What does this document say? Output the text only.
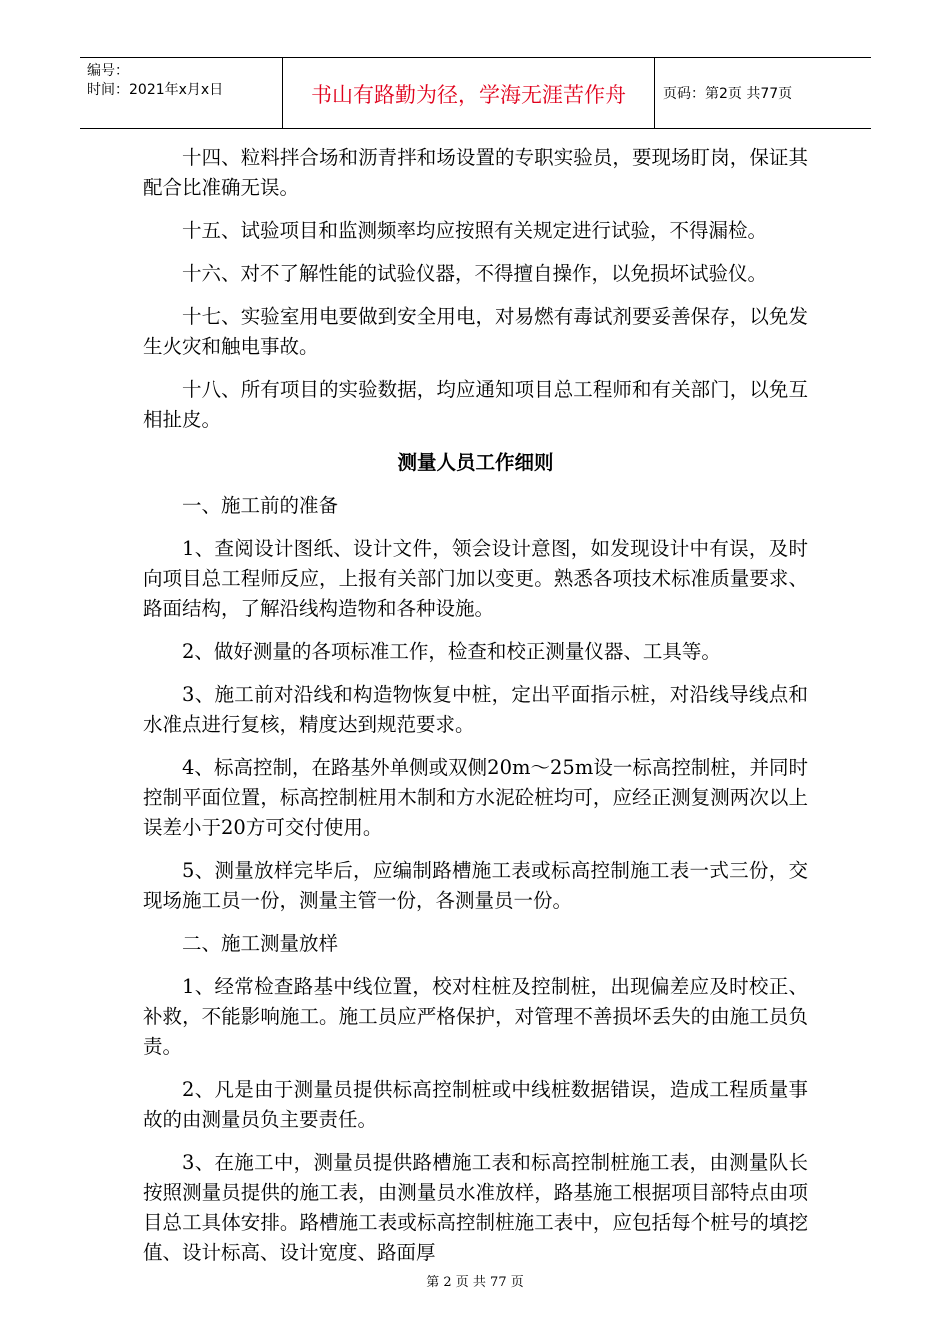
编号：
时间：2021年x月x日	书山有路勤为径，学海无涯苦作舟	页码：第2页 共77页

十四、粒料拌合场和沥青拌和场设置的专职实验员，要现场盯岗，保证其配合比准确无误。

十五、试验项目和监测频率均应按照有关规定进行试验，不得漏检。

十六、对不了解性能的试验仪器，不得擅自操作，以免损坏试验仪。

十七、实验室用电要做到安全用电，对易燃有毒试剂要妥善保存，以免发生火灾和触电事故。

十八、所有项目的实验数据，均应通知项目总工程师和有关部门，以免互相扯皮。

测量人员工作细则

一、施工前的准备

1、查阅设计图纸、设计文件，领会设计意图，如发现设计中有误，及时向项目总工程师反应，上报有关部门加以变更。熟悉各项技术标准质量要求、路面结构，了解沿线构造物和各种设施。

2、做好测量的各项标准工作，检查和校正测量仪器、工具等。

3、施工前对沿线和构造物恢复中桩，定出平面指示桩，对沿线导线点和水准点进行复核，精度达到规范要求。

4、标高控制，在路基外单侧或双侧20m～25m设一标高控制桩，并同时控制平面位置，标高控制桩用木制和方水泥砼桩均可，应经正测复测两次以上误差小于20方可交付使用。

5、测量放样完毕后，应编制路槽施工表或标高控制施工表一式三份，交现场施工员一份，测量主管一份，各测量员一份。

二、施工测量放样

1、经常检查路基中线位置，校对柱桩及控制桩，出现偏差应及时校正、补救，不能影响施工。施工员应严格保护，对管理不善损坏丢失的由施工员负责。

2、凡是由于测量员提供标高控制桩或中线桩数据错误，造成工程质量事故的由测量员负主要责任。

3、在施工中，测量员提供路槽施工表和标高控制桩施工表，由测量队长按照测量员提供的施工表，由测量员水准放样，路基施工根据项目部特点由项目总工具体安排。路槽施工表或标高控制桩施工表中，应包括每个桩号的填挖值、设计标高、设计宽度、路面厚

第 2 页 共 77 页
